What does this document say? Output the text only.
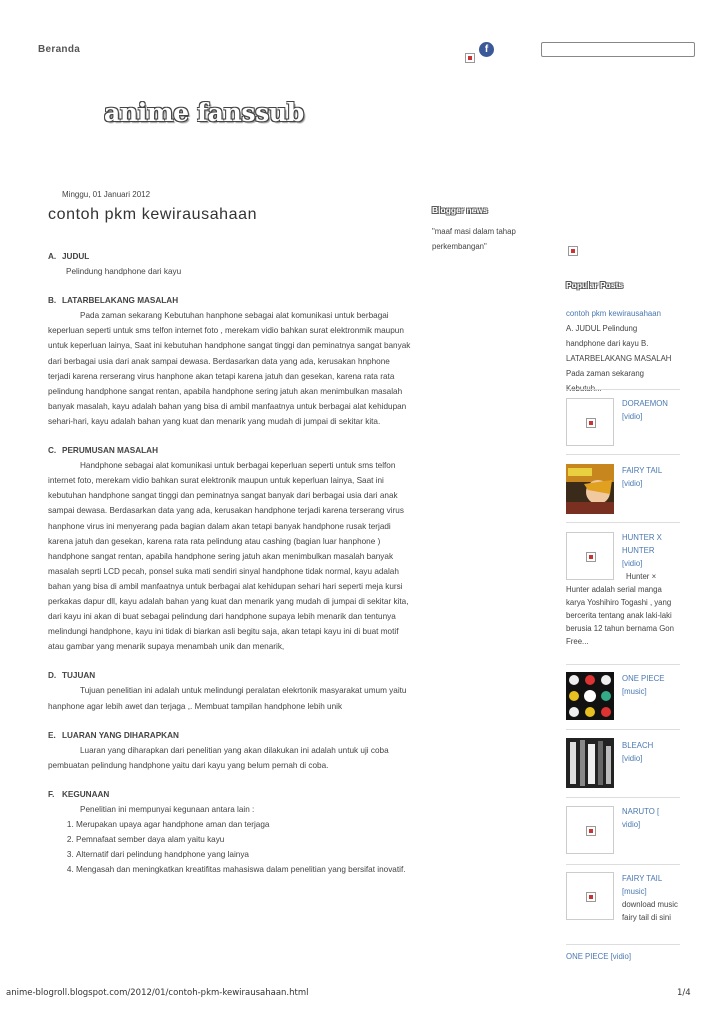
Beranda	f
anime fanssub
Minggu, 01 Januari 2012
contoh pkm kewirausahaan

A. JUDUL

Pelindung handphone dari kayu

B. LATARBELAKANG MASALAH

Pada zaman sekarang Kebutuhan hanphone sebagai alat komunikasi untuk berbagai keperluan seperti untuk sms telfon internet foto , merekam vidio bahkan surat elektronmik maupun untuk keperluan lainya, Saat ini kebutuhan handphone sangat tinggi dan peminatnya sangat banyak dari berbagai usia dari anak sampai dewasa. Berdasarkan data yang ada, kerusakan hnphone terjadi karena rerserang virus hanphone akan tetapi karena jatuh dan gesekan, karena rata rata pelindung handphone sangat rentan, apabila handphone sering jatuh akan menimbulkan masalah banyak masalah, kayu adalah bahan yang bisa di ambil manfaatnya untuk berbagai alat kehidupan sehari-hari, kayu adalah bahan yang kuat dan menarik yang mudah di jumpai di sekitar kita.

C. PERUMUSAN MASALAH

Handphone sebagai alat komunikasi untuk berbagai keperluan seperti untuk sms telfon internet foto, merekam vidio bahkan surat elektronik maupun untuk keperluan lainya, Saat ini kebutuhan handphone sangat tinggi dan peminatnya sangat banyak dari berbagai usia dari anak sampai dewasa. Berdasarkan data yang ada, kerusakan handphone terjadi karena terserang virus hanphone virus ini menyerang pada bagian dalam akan tetapi banyak handphone rusak terjadi karena jatuh dan gesekan, karena rata rata pelindung atau cashing (bagian luar hanphone ) handphone sangat rentan, apabila handphone sering jatuh akan menimbulkan masalah banyak masalah seprti LCD pecah, ponsel suka mati sendiri sinyal handphone tidak normal, kayu adalah bahan yang bisa di ambil manfaatnya untuk berbagai alat kehidupan sehari hari seperti meja kursi perkakas dapur dll, kayu adalah bahan yang kuat dan menarik yang mudah di jumpai di sekitar kita, dari kayu ini akan di buat sebagai pelindung dari handphone supaya lebih menarik dan tentunya melindungi handphone, kayu ini tidak di biarkan asli begitu saja, akan tetapi kayu ini di buat motif atau gambar yang menarik supaya menambah unik dan menarik,

D. TUJUAN

Tujuan penelitian ini adalah untuk melindungi peralatan elekrtonik masyarakat umum yaitu hanphone agar lebih awet dan terjaga ,. Membuat tampilan handphone lebih unik

E. LUARAN YANG DIHARAPKAN

Luaran yang diharapkan dari penelitian yang akan dilakukan ini adalah untuk uji coba pembuatan pelindung handphone yaitu dari kayu yang belum pernah di coba.

F. KEGUNAAN

Penelitian ini mempunyai kegunaan antara lain :

1. Merupakan upaya agar handphone aman dan terjaga
2. Pemnafaat sember daya alam yaitu kayu
3. Alternatif dari pelindung handphone yang lainya
4. Mengasah dan meningkatkan kreatifitas mahasiswa dalam penelitian yang bersifat inovatif.
Blogger news
"maaf masi dalam tahap perkembangan"
Popular Posts
contoh pkm kewirausahaan
A. JUDUL Pelindung handphone dari kayu B. LATARBELAKANG MASALAH Pada zaman sekarang
DORAEMON
[vidio]
FAIRY TAIL
[vidio]
HUNTER X HUNTER
[vidio]
Hunter × Hunter adalah serial manga karya Yoshihiro Togashi , yang bercerita tentang anak laki-laki berusia 12 tahun bernama Gon Free...
ONE PIECE
[music]
BLEACH
[vidio]
NARUTO [
vidio]
FAIRY TAIL
[music]
download music fairy tail di sini
ONE PIECE [vidio]
anime-blogroll.blogspot.com/2012/01/contoh-pkm-kewirausahaan.html	1/4
